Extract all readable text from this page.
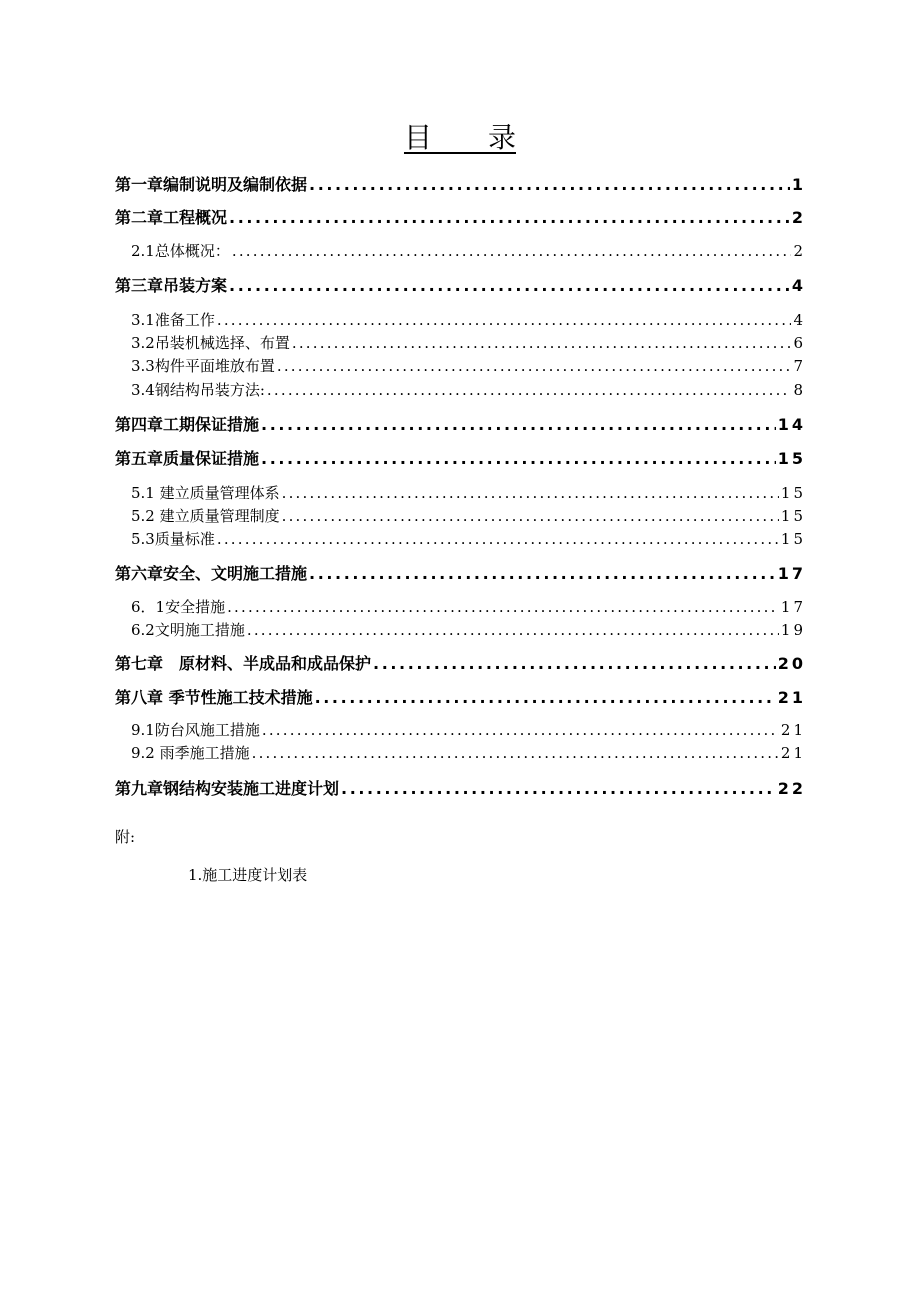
目　　录
第一章编制说明及编制依据 .....	1
第二章工程概况 .....	2
2.1总体概况： .....	2
第三章吊装方案 .....	4
3.1准备工作 .....	4
3.2吊装机械选择、布置 .....	6
3.3构件平面堆放布置 .....	7
3.4钢结构吊装方法: .....	8
第四章工期保证措施 .....	14
第五章质量保证措施 .....	15
5.1 建立质量管理体系 .....	15
5.2 建立质量管理制度 .....	15
5.3质量标准 .....	15
第六章安全、文明施工措施 .....	17
6．1安全措施 .....	17
6.2文明施工措施 .....	19
第七章　原材料、半成品和成品保护 .....	20
第八章 季节性施工技术措施 .....	21
9.1防台风施工措施 .....	21
9.2 雨季施工措施 .....	21
第九章钢结构安装施工进度计划 .....	22
附:
1.施工进度计划表
